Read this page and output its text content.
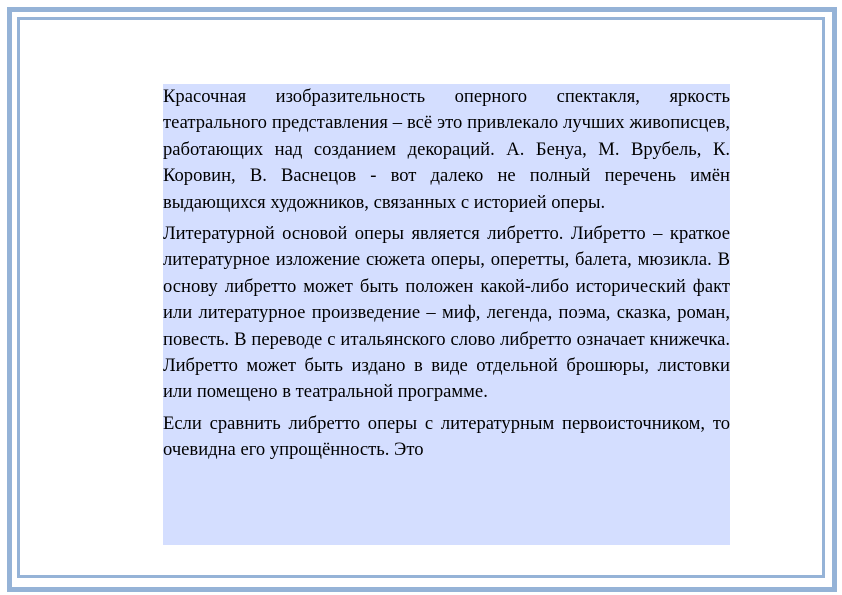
Красочная изобразительность оперного спектакля, яркость театрального представления – всё это привлекало лучших живописцев, работающих над созданием декораций. А. Бенуа, М. Врубель, К. Коровин, В. Васнецов - вот далеко не полный перечень имён выдающихся художников, связанных с историей оперы.

Литературной основой оперы является либретто. Либретто – краткое литературное изложение сюжета оперы, оперетты, балета, мюзикла. В основу либретто может быть положен какой-либо исторический факт или литературное произведение – миф, легенда, поэма, сказка, роман, повесть. В переводе с итальянского слово либретто означает книжечка. Либретто может быть издано в виде отдельной брошюры, листовки или помещено в театральной программе.

Если сравнить либретто оперы с литературным первоисточником, то очевидна его упрощённость. Это
